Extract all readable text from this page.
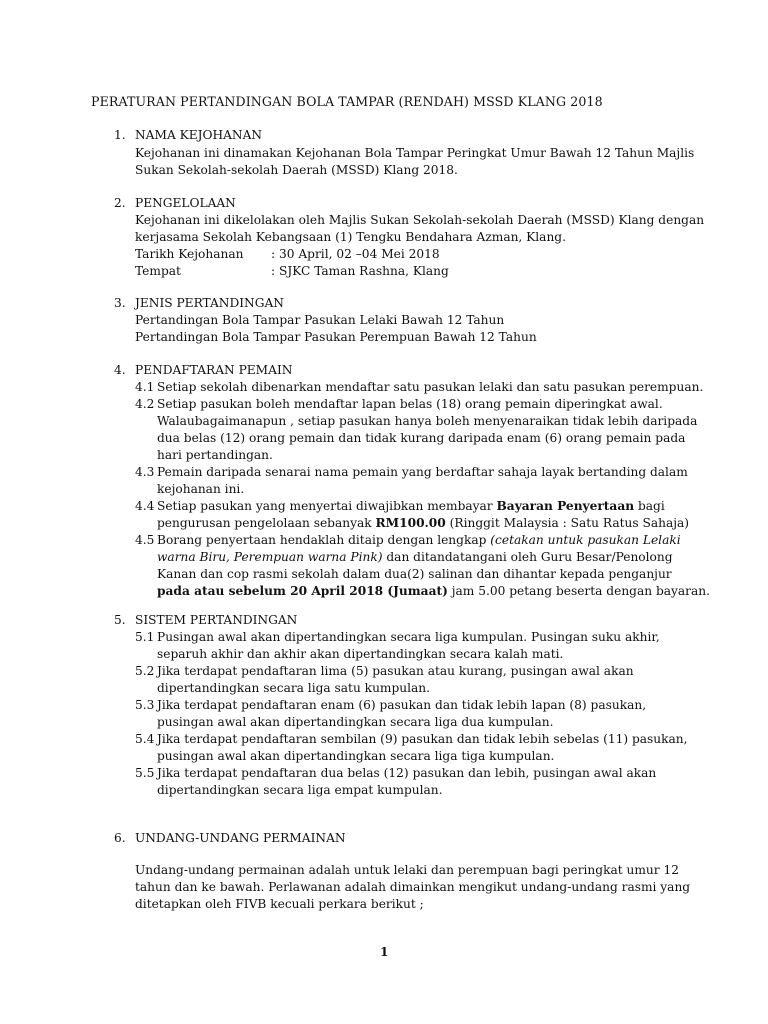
PERATURAN PERTANDINGAN BOLA TAMPAR (RENDAH) MSSD KLANG 2018
1. NAMA KEJOHANAN

Kejohanan ini dinamakan Kejohanan Bola Tampar Peringkat Umur Bawah 12 Tahun Majlis

Sukan Sekolah-sekolah Daerah (MSSD) Klang 2018.

2. PENGELOLAAN

Kejohanan ini dikelolakan oleh Majlis Sukan Sekolah-sekolah Daerah (MSSD) Klang dengan

kerjasama Sekolah Kebangsaan (1) Tengku Bendahara Azman, Klang.

Tarikh Kejohanan	: 30 April, 02 –04 Mei 2018
Tempat	: SJKC Taman Rashna, Klang
3. JENIS PERTANDINGAN

Pertandingan Bola Tampar Pasukan Lelaki Bawah 12 Tahun

Pertandingan Bola Tampar Pasukan Perempuan Bawah 12 Tahun

4. PENDAFTARAN PEMAIN
4.1 Setiap sekolah dibenarkan mendaftar satu pasukan lelaki dan satu pasukan perempuan.
4.2 Setiap pasukan boleh mendaftar lapan belas (18) orang pemain diperingkat awal.
Walaubagaimanapun , setiap pasukan hanya boleh menyenaraikan tidak lebih daripada
dua belas (12) orang pemain dan tidak kurang daripada enam (6) orang pemain pada
hari pertandingan.
4.3 Pemain daripada senarai nama pemain yang berdaftar sahaja layak bertanding dalam
kejohanan ini.
4.4 Setiap pasukan yang menyertai diwajibkan membayar Bayaran Penyertaan bagi
pengurusan pengelolaan sebanyak RM100.00 (Ringgit Malaysia : Satu Ratus Sahaja)
4.5 Borang penyertaan hendaklah ditaip dengan lengkap (cetakan untuk pasukan Lelaki
warna Biru, Perempuan warna Pink) dan ditandatangani oleh Guru Besar/Penolong
Kanan dan cop rasmi sekolah dalam dua(2) salinan dan dihantar kepada penganjur
pada atau sebelum 20 April 2018 (Jumaat) jam 5.00 petang beserta dengan bayaran.
5. SISTEM PERTANDINGAN
5.1 Pusingan awal akan dipertandingkan secara liga kumpulan. Pusingan suku akhir,
separuh akhir dan akhir akan dipertandingkan secara kalah mati.
5.2 Jika terdapat pendaftaran lima (5) pasukan atau kurang, pusingan awal akan
dipertandingkan secara liga satu kumpulan.
5.3 Jika terdapat pendaftaran enam (6) pasukan dan tidak lebih lapan (8) pasukan,
pusingan awal akan dipertandingkan secara liga dua kumpulan.
5.4 Jika terdapat pendaftaran sembilan (9) pasukan dan tidak lebih sebelas (11) pasukan,
pusingan awal akan dipertandingkan secara liga tiga kumpulan.
5.5 Jika terdapat pendaftaran dua belas (12) pasukan dan lebih, pusingan awal akan
dipertandingkan secara liga empat kumpulan.
6. UNDANG-UNDANG PERMAINAN

Undang-undang permainan adalah untuk lelaki dan perempuan bagi peringkat umur 12

tahun dan ke bawah. Perlawanan adalah dimainkan mengikut undang-undang rasmi yang

ditetapkan oleh FIVB kecuali perkara berikut ;

1
